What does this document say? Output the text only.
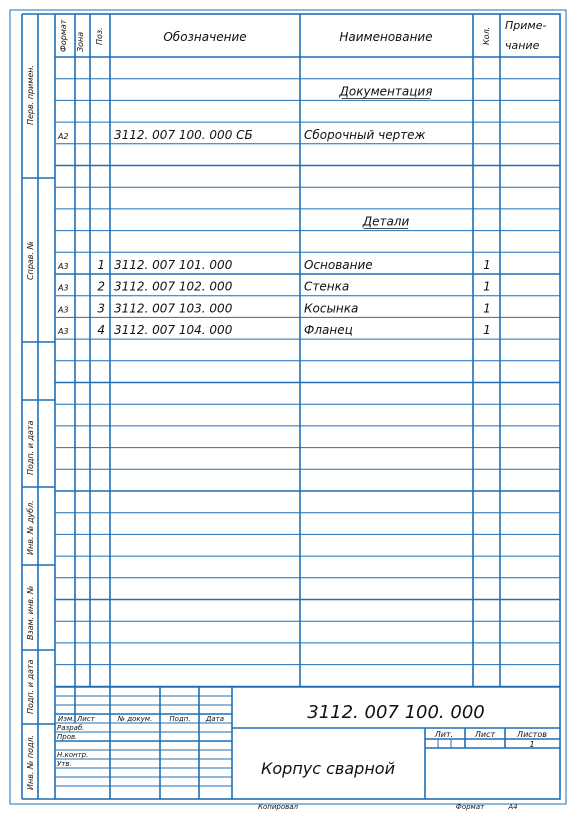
Формат Зона Поз.	Обозначение	Наименование	Кол.
Приме-
чание
Документация
А2	3112. 007 100. 000 СБ	Сборочный чертеж
Детали
А3 1 3112. 007 101. 000	Основание	1
А3 2 3112. 007 102. 000	Стенка	1
А3 3 3112. 007 103. 000	Косынка	1
А3 4 3112. 007 104. 000	Фланец	1
Перв. примен.
Справ. №
Подп. и дата
Инв. № дубл.
Взам. инв. №
Подп. и дата
Инв. № подл.
3112. 007 100. 000
Корпус сварной
Изм. Лист	№ докум. Подп. Дата
Разраб.
Пров.
Н.контр.
Утв.
Лит.	Лист	Листов
1
Копировал	Формат	А4
